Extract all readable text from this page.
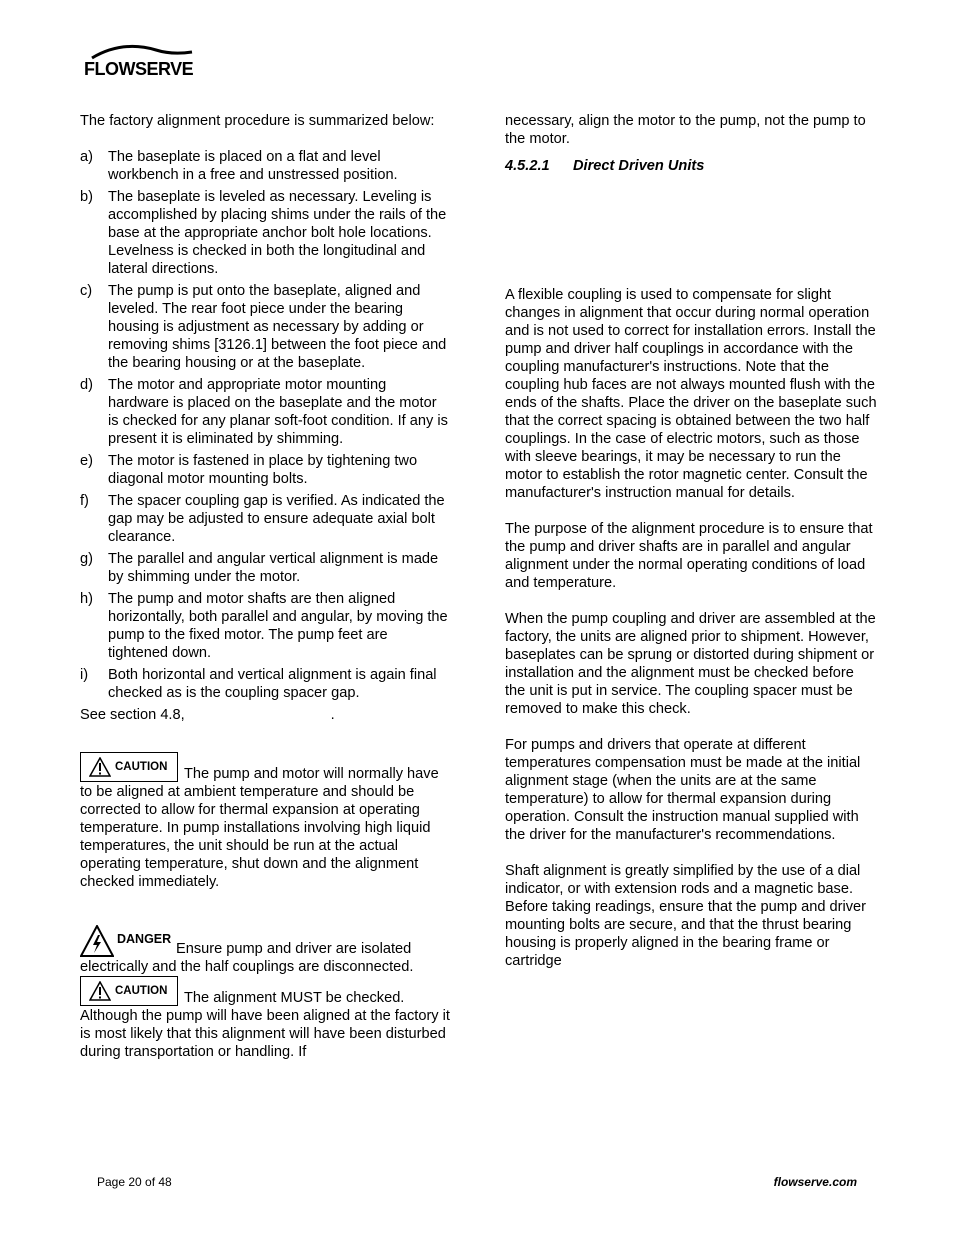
FLOWSERVE

The factory alignment procedure is summarized below:

a)	The baseplate is placed on a flat and level workbench in a free and unstressed position.
b)	The baseplate is leveled as necessary. Leveling is accomplished by placing shims under the rails of the base at the appropriate anchor bolt hole locations. Levelness is checked in both the longitudinal and lateral directions.
c)	The pump is put onto the baseplate, aligned and leveled. The rear foot piece under the bearing housing is adjustment as necessary by adding or removing shims [3126.1] between the foot piece and the bearing housing or at the baseplate.
d)	The motor and appropriate motor mounting hardware is placed on the baseplate and the motor is checked for any planar soft-foot condition. If any is present it is eliminated by shimming.
e)	The motor is fastened in place by tightening two diagonal motor mounting bolts.
f)	The spacer coupling gap is verified. As indicated the gap may be adjusted to ensure adequate axial bolt clearance.
g)	The parallel and angular vertical alignment is made by shimming under the motor.
h)	The pump and motor shafts are then aligned horizontally, both parallel and angular, by moving the pump to the fixed motor. The pump feet are tightened down.
i)	Both horizontal and vertical alignment is again final checked as is the coupling spacer gap.

See section 4.8,	.

CAUTION The pump and motor will normally have to be aligned at ambient temperature and should be corrected to allow for thermal expansion at operating temperature. In pump installations involving high liquid temperatures, the unit should be run at the actual operating temperature, shut down and the alignment checked immediately.

DANGER
Ensure pump and driver are isolated electrically and the half couplings are disconnected.

CAUTION The alignment MUST be checked. Although the pump will have been aligned at the factory it is most likely that this alignment will have been disturbed during transportation or handling. If

necessary, align the motor to the pump, not the pump to the motor.

4.5.2.1 Direct Driven Units

A flexible coupling is used to compensate for slight changes in alignment that occur during normal operation and is not used to correct for installation errors. Install the pump and driver half couplings in accordance with the coupling manufacturer's instructions. Note that the coupling hub faces are not always mounted flush with the ends of the shafts. Place the driver on the baseplate such that the correct spacing is obtained between the two half couplings. In the case of electric motors, such as those with sleeve bearings, it may be necessary to run the motor to establish the rotor magnetic center. Consult the manufacturer's instruction manual for details.

The purpose of the alignment procedure is to ensure that the pump and driver shafts are in parallel and angular alignment under the normal operating conditions of load and temperature.

When the pump coupling and driver are assembled at the factory, the units are aligned prior to shipment. However, baseplates can be sprung or distorted during shipment or installation and the alignment must be checked before the unit is put in service. The coupling spacer must be removed to make this check.

For pumps and drivers that operate at different temperatures compensation must be made at the initial alignment stage (when the units are at the same temperature) to allow for thermal expansion during operation. Consult the instruction manual supplied with the driver for the manufacturer's recommendations.

Shaft alignment is greatly simplified by the use of a dial indicator, or with extension rods and a magnetic base. Before taking readings, ensure that the pump and driver mounting bolts are secure, and that the thrust bearing housing is properly aligned in the bearing frame or cartridge

Page 20 of 48	flowserve.com
